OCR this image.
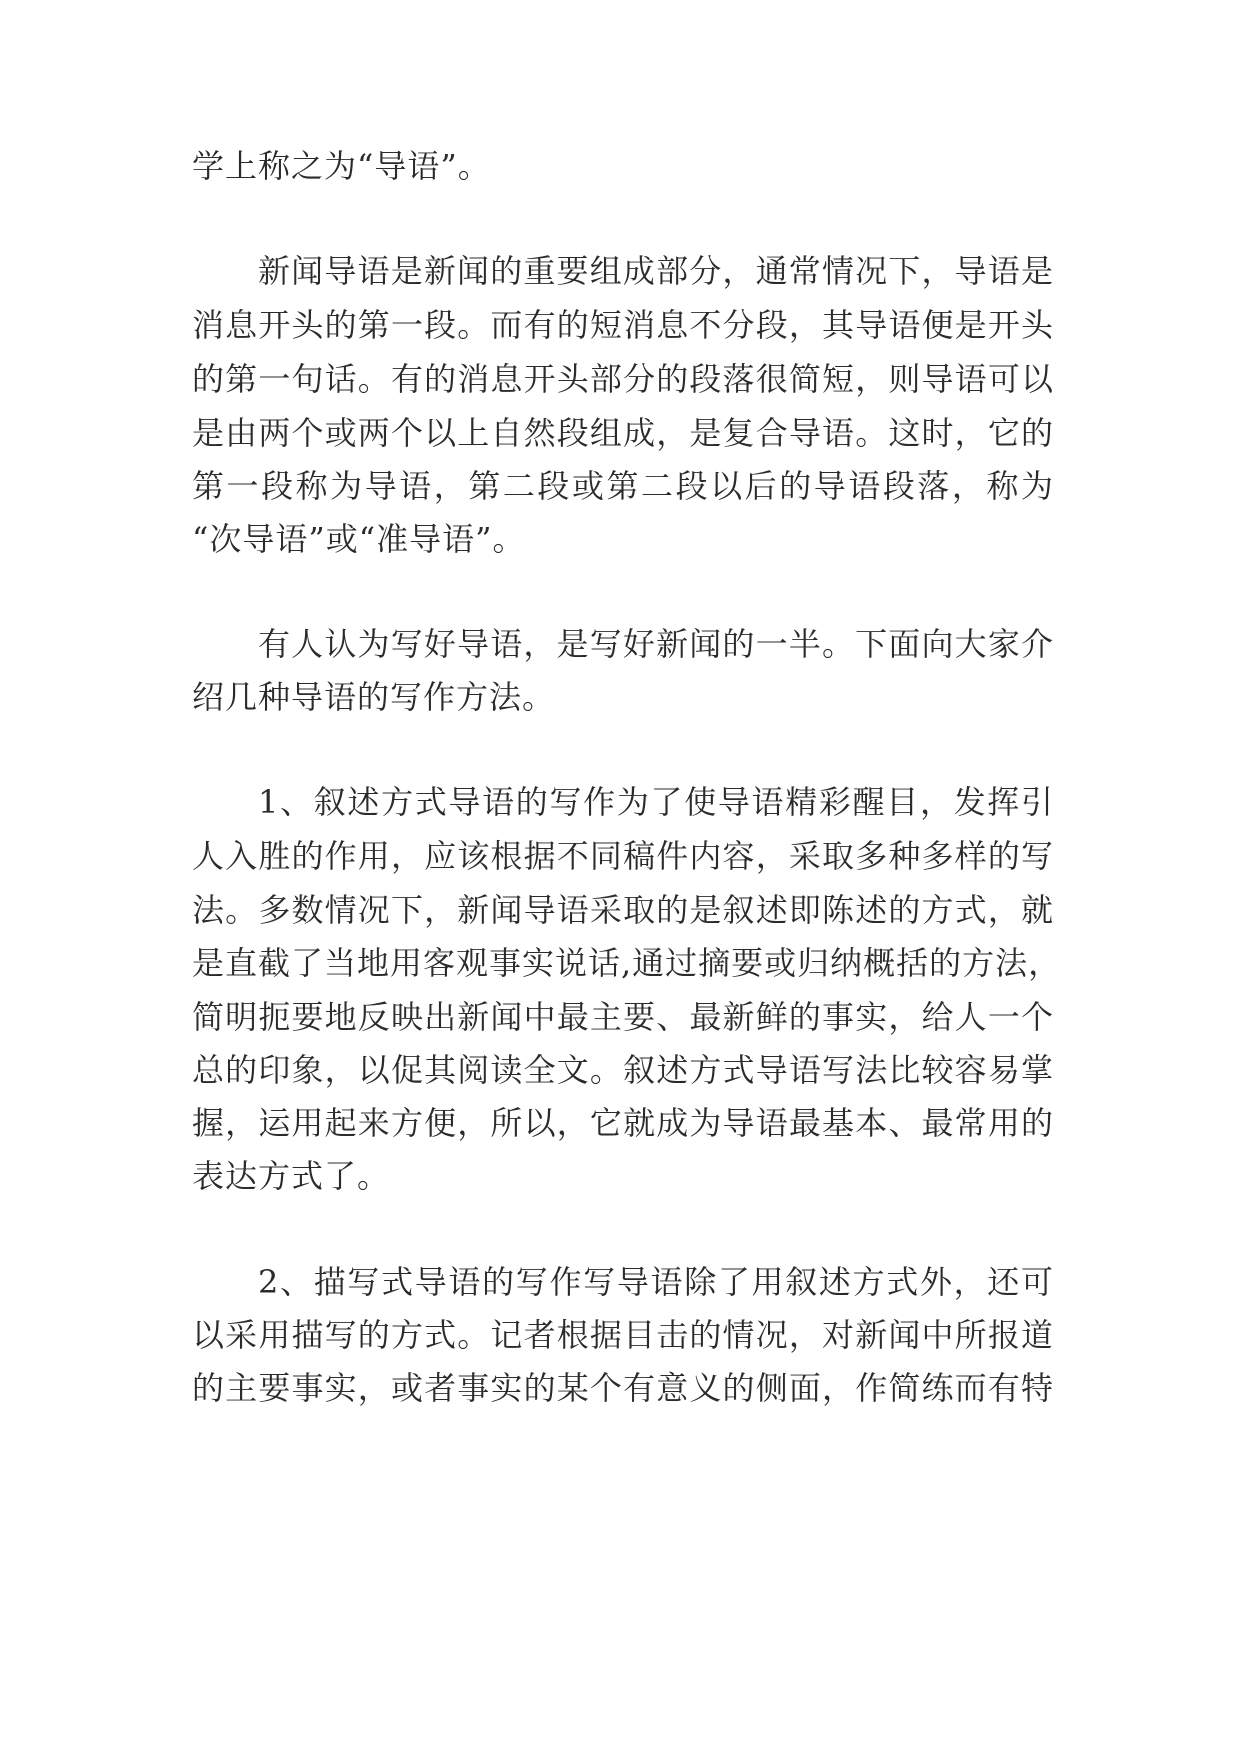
学上称之为“导语”。
新闻导语是新闻的重要组成部分，通常情况下，导语是
消息开头的第一段。而有的短消息不分段，其导语便是开头
的第一句话。有的消息开头部分的段落很简短，则导语可以
是由两个或两个以上自然段组成，是复合导语。这时，它的
第一段称为导语，第二段或第二段以后的导语段落，称为
“次导语”或“准导语”。
有人认为写好导语，是写好新闻的一半。下面向大家介
绍几种导语的写作方法。
1、叙述方式导语的写作为了使导语精彩醒目，发挥引
人入胜的作用，应该根据不同稿件内容，采取多种多样的写
法。多数情况下，新闻导语采取的是叙述即陈述的方式，就
是直截了当地用客观事实说话,通过摘要或归纳概括的方法，
简明扼要地反映出新闻中最主要、最新鲜的事实，给人一个
总的印象，以促其阅读全文。叙述方式导语写法比较容易掌
握，运用起来方便，所以，它就成为导语最基本、最常用的
表达方式了。
2、描写式导语的写作写导语除了用叙述方式外，还可
以采用描写的方式。记者根据目击的情况，对新闻中所报道
的主要事实，或者事实的某个有意义的侧面，作简练而有特
